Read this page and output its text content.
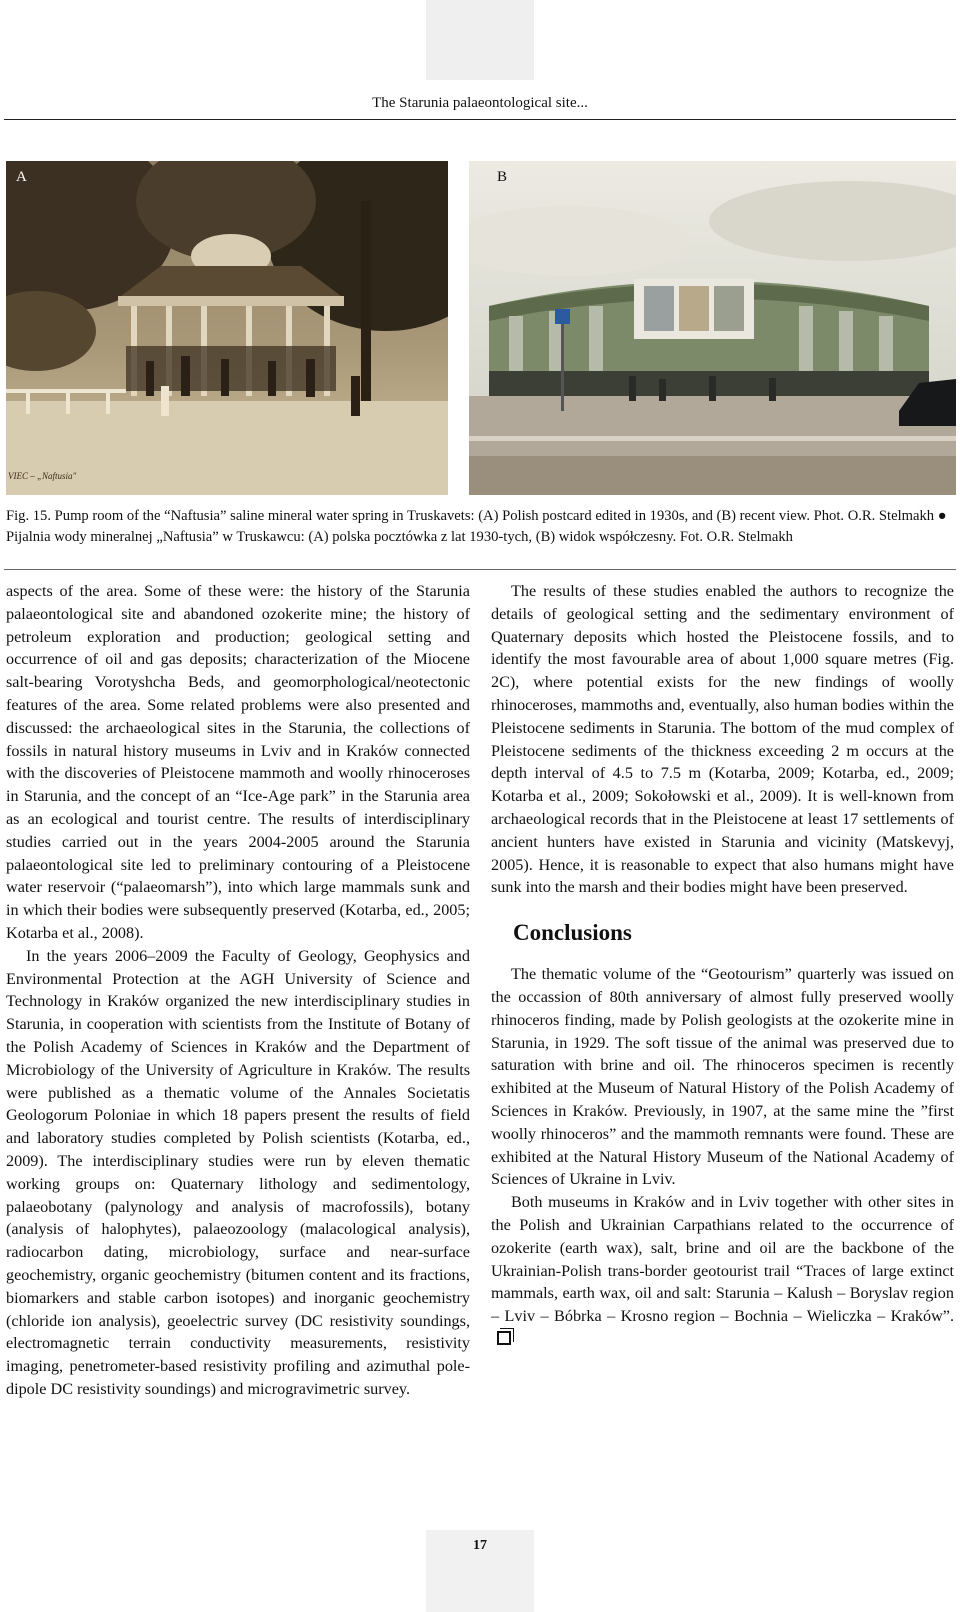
The Starunia palaeontological site...
A
VIEC – „Naftusia"
B

Fig. 15. Pump room of the “Naftusia” saline mineral water spring in Truskavets: (A) Polish postcard edited in 1930s, and (B) recent view. Phot. O.R. Stelmakh ● Pijalnia wody mineralnej „Naftusia” w Truskawcu: (A) polska pocztówka z lat 1930-tych, (B) widok współczesny. Fot. O.R. Stelmakh

aspects of the area. Some of these were: the history of the Starunia palaeontological site and abandoned ozokerite mine; the history of petroleum exploration and production; geological setting and occurrence of oil and gas deposits; characterization of the Miocene salt-bearing Vorotyshcha Beds, and geomorphological/neotectonic features of the area. Some related problems were also presented and discussed: the archaeological sites in the Starunia, the collections of fossils in natural history museums in Lviv and in Kraków connected with the discoveries of Pleistocene mammoth and woolly rhinoceroses in Starunia, and the concept of an “Ice-Age park” in the Starunia area as an ecological and tourist centre. The results of interdisciplinary studies carried out in the years 2004-2005 around the Starunia palaeontological site led to preliminary contouring of a Pleistocene water reservoir (“palaeomarsh”), into which large mammals sunk and in which their bodies were subsequently preserved (Kotarba, ed., 2005; Kotarba et al., 2008).

In the years 2006–2009 the Faculty of Geology, Geophysics and Environmental Protection at the AGH University of Science and Technology in Kraków organized the new interdisciplinary studies in Starunia, in cooperation with scientists from the Institute of Botany of the Polish Academy of Sciences in Kraków and the Department of Microbiology of the University of Agriculture in Kraków. The results were published as a thematic volume of the Annales Societatis Geologorum Poloniae in which 18 papers present the results of field and laboratory studies completed by Polish scientists (Kotarba, ed., 2009). The interdisciplinary studies were run by eleven thematic working groups on: Quaternary lithology and sedimentology, palaeobotany (palynology and analysis of macrofossils), botany (analysis of halophytes), palaeozoology (malacological analysis), radiocarbon dating, microbiology, surface and near-surface geochemistry, organic geochemistry (bitumen content and its fractions, biomarkers and stable carbon isotopes) and inorganic geochemistry (chloride ion analysis), geoelectric survey (DC resistivity soundings, electromagnetic terrain conductivity measurements, resistivity imaging, penetrometer-based resistivity profiling and azimuthal pole-dipole DC resistivity soundings) and microgravimetric survey.

The results of these studies enabled the authors to recognize the details of geological setting and the sedimentary environment of Quaternary deposits which hosted the Pleistocene fossils, and to identify the most favourable area of about 1,000 square metres (Fig. 2C), where potential exists for the new findings of woolly rhinoceroses, mammoths and, eventually, also human bodies within the Pleistocene sediments in Starunia. The bottom of the mud complex of Pleistocene sediments of the thickness exceeding 2 m occurs at the depth interval of 4.5 to 7.5 m (Kotarba, 2009; Kotarba, ed., 2009; Kotarba et al., 2009; Sokołowski et al., 2009). It is well-known from archaeological records that in the Pleistocene at least 17 settlements of ancient hunters have existed in Starunia and vicinity (Matskevyj, 2005). Hence, it is reasonable to expect that also humans might have sunk into the marsh and their bodies might have been preserved.

Conclusions

The thematic volume of the “Geotourism” quarterly was issued on the occassion of 80th anniversary of almost fully preserved woolly rhinoceros finding, made by Polish geologists at the ozokerite mine in Starunia, in 1929. The soft tissue of the animal was preserved due to saturation with brine and oil. The rhinoceros specimen is recently exhibited at the Museum of Natural History of the Polish Academy of Sciences in Kraków. Previously, in 1907, at the same mine the ”first woolly rhinoceros” and the mammoth remnants were found. These are exhibited at the Natural History Museum of the National Academy of Sciences of Ukraine in Lviv.

Both museums in Kraków and in Lviv together with other sites in the Polish and Ukrainian Carpathians related to the occurrence of ozokerite (earth wax), salt, brine and oil are the backbone of the Ukrainian-Polish trans-border geotourist trail “Traces of large extinct mammals, earth wax, oil and salt: Starunia – Kalush – Boryslav region – Lviv – Bóbrka – Krosno region – Bochnia – Wieliczka – Kraków”.

17
